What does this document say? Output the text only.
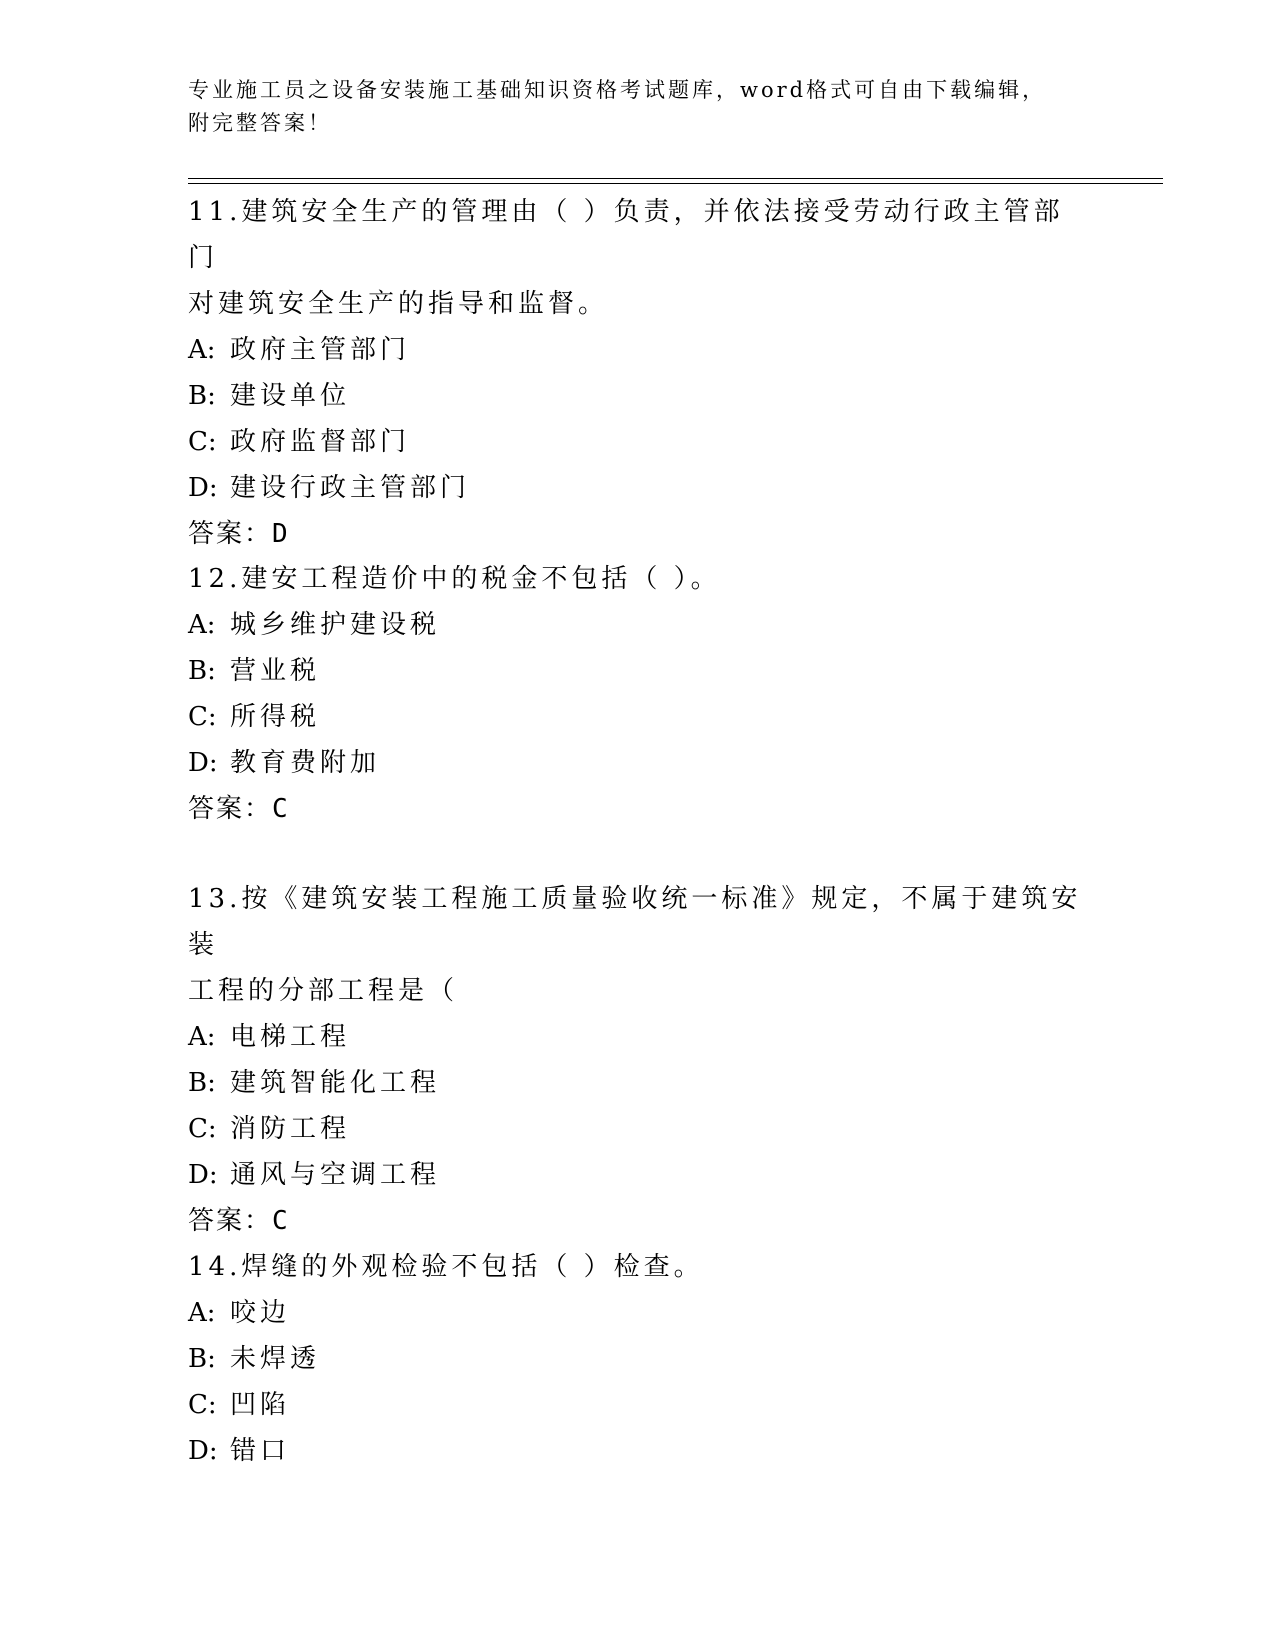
专业施工员之设备安装施工基础知识资格考试题库，word格式可自由下载编辑，
附完整答案！

11.建筑安全生产的管理由（ ）负责，并依法接受劳动行政主管部门

对建筑安全生产的指导和监督。

A: 政府主管部门

B: 建设单位

C: 政府监督部门

D: 建设行政主管部门

答案：D

12.建安工程造价中的税金不包括（ ）。

A: 城乡维护建设税

B: 营业税

C: 所得税

D: 教育费附加

答案：C

13.按《建筑安装工程施工质量验收统一标准》规定，不属于建筑安装

工程的分部工程是（

A: 电梯工程

B: 建筑智能化工程

C: 消防工程

D: 通风与空调工程

答案：C

14.焊缝的外观检验不包括（ ）检查。

A: 咬边

B: 未焊透

C: 凹陷

D: 错口
